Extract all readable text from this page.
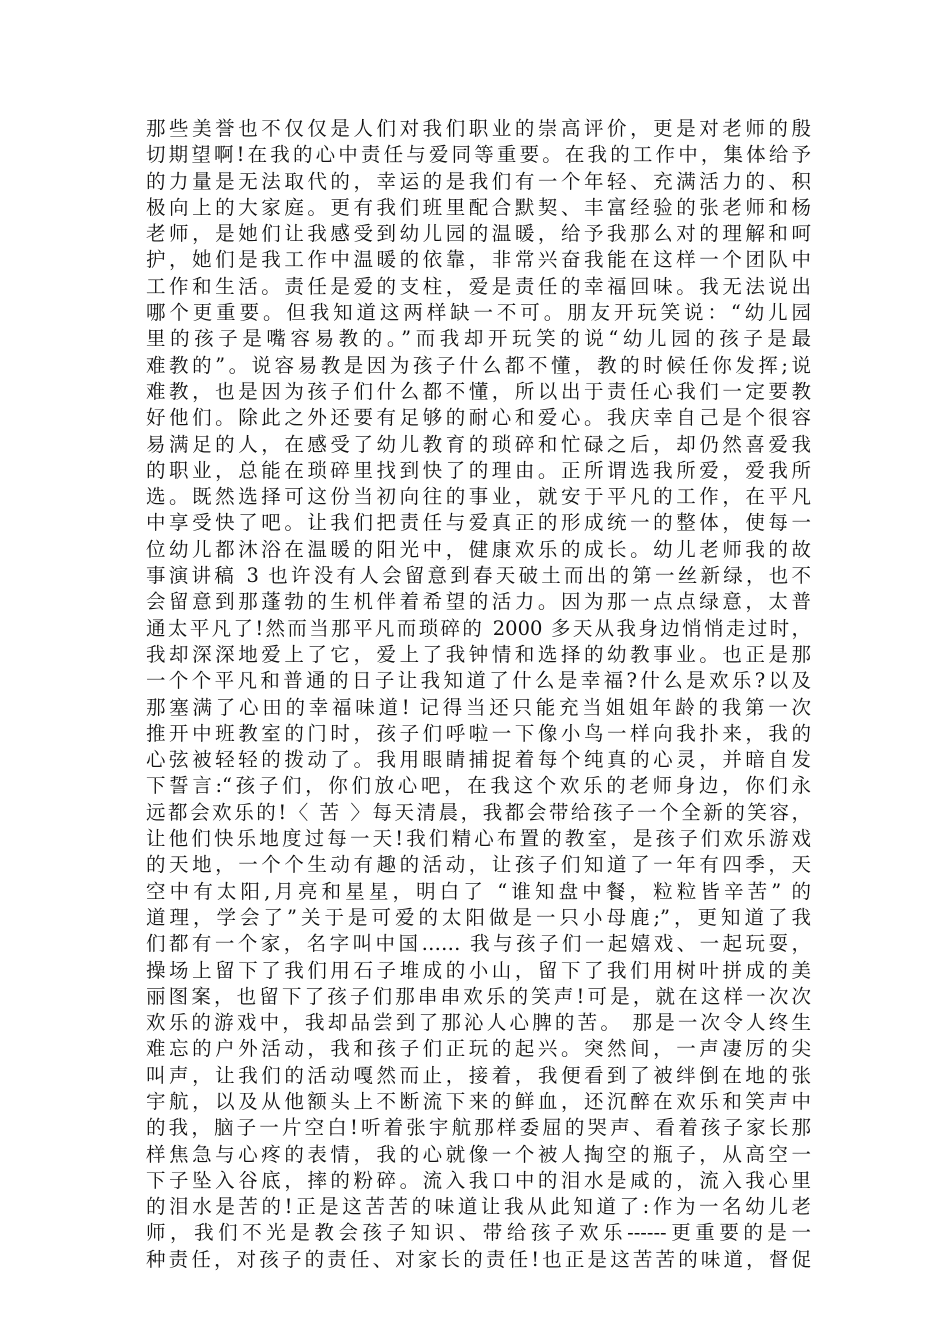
那些美誉也不仅仅是人们对我们职业的崇高评价，更是对老师的殷
切期望啊!在我的心中责任与爱同等重要。在我的工作中，集体给予
的力量是无法取代的，幸运的是我们有一个年轻、充满活力的、积
极向上的大家庭。更有我们班里配合默契、丰富经验的张老师和杨
老师，是她们让我感受到幼儿园的温暖，给予我那么对的理解和呵
护，她们是我工作中温暖的依靠，非常兴奋我能在这样一个团队中
工作和生活。责任是爱的支柱，爱是责任的幸福回味。我无法说出
哪个更重要。但我知道这两样缺一不可。朋友开玩笑说：“幼儿园
里的孩子是嘴容易教的。”而我却开玩笑的说“幼儿园的孩子是最
难教的”。说容易教是因为孩子什么都不懂，教的时候任你发挥;说
难教，也是因为孩子们什么都不懂，所以出于责任心我们一定要教
好他们。除此之外还要有足够的耐心和爱心。我庆幸自己是个很容
易满足的人，在感受了幼儿教育的琐碎和忙碌之后，却仍然喜爱我
的职业，总能在琐碎里找到快了的理由。正所谓选我所爱，爱我所
选。既然选择可这份当初向往的事业，就安于平凡的工作，在平凡
中享受快了吧。让我们把责任与爱真正的形成统一的整体，使每一
位幼儿都沐浴在温暖的阳光中，健康欢乐的成长。幼儿老师我的故
事演讲稿 3 也许没有人会留意到春天破土而出的第一丝新绿，也不
会留意到那蓬勃的生机伴着希望的活力。因为那一点点绿意，太普
通太平凡了!然而当那平凡而琐碎的 2000 多天从我身边悄悄走过时，
我却深深地爱上了它，爱上了我钟情和选择的幼教事业。也正是那
一个个平凡和普通的日子让我知道了什么是幸福?什么是欢乐?以及
那塞满了心田的幸福味道! 记得当还只能充当姐姐年龄的我第一次
推开中班教室的门时，孩子们呼啦一下像小鸟一样向我扑来，我的
心弦被轻轻的拨动了。我用眼睛捕捉着每个纯真的心灵，并暗自发
下誓言:“孩子们，你们放心吧，在我这个欢乐的老师身边，你们永
远都会欢乐的!〈 苦 〉每天清晨，我都会带给孩子一个全新的笑容，
让他们快乐地度过每一天!我们精心布置的教室，是孩子们欢乐游戏
的天地，一个个生动有趣的活动，让孩子们知道了一年有四季，天
空中有太阳,月亮和星星，明白了 “谁知盘中餐，粒粒皆辛苦” 的
道理，学会了”关于是可爱的太阳做是一只小母鹿;”，更知道了我
们都有一个家，名字叫中国…… 我与孩子们一起嬉戏、一起玩耍，
操场上留下了我们用石子堆成的小山，留下了我们用树叶拼成的美
丽图案，也留下了孩子们那串串欢乐的笑声!可是，就在这样一次次
欢乐的游戏中，我却品尝到了那沁人心脾的苦。 那是一次令人终生
难忘的户外活动，我和孩子们正玩的起兴。突然间，一声凄厉的尖
叫声，让我们的活动嘎然而止，接着，我便看到了被绊倒在地的张
宇航，以及从他额头上不断流下来的鲜血，还沉醉在欢乐和笑声中
的我，脑子一片空白!听着张宇航那样委屈的哭声、看着孩子家长那
样焦急与心疼的表情，我的心就像一个被人掏空的瓶子，从高空一
下子坠入谷底，摔的粉碎。流入我口中的泪水是咸的，流入我心里
的泪水是苦的!正是这苦苦的味道让我从此知道了:作为一名幼儿老
师，我们不光是教会孩子知识、带给孩子欢乐------更重要的是一
种责任，对孩子的责任、对家长的责任!也正是这苦苦的味道，督促
